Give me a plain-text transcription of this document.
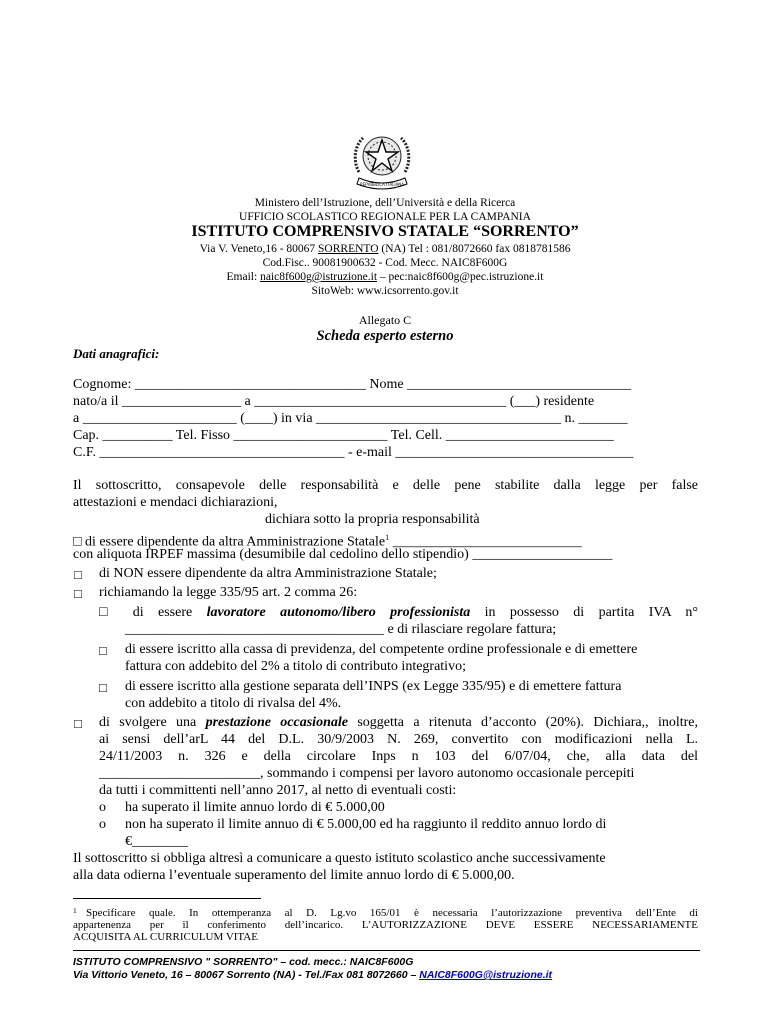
REPVBBLICA ITALIANA
Ministero dell’Istruzione, dell’Università e della Ricerca
UFFICIO SCOLASTICO REGIONALE PER LA CAMPANIA
ISTITUTO COMPRENSIVO STATALE “SORRENTO”
Via V. Veneto,16 - 80067 SORRENTO (NA) Tel : 081/8072660 fax 0818781586
Cod.Fisc.. 90081900632 - Cod. Mecc. NAIC8F600G
Email: naic8f600g@istruzione.it – pec:naic8f600g@pec.istruzione.it
SitoWeb: www.icsorrento.gov.it
Allegato C
Scheda esperto esterno
Dati anagrafici:
Cognome: _________________________________ Nome ________________________________
nato/a il _________________ a ____________________________________ (___) residente
a ______________________ (____) in via ___________________________________ n. _______
Cap. __________ Tel. Fisso ______________________ Tel. Cell. ________________________
C.F. ___________________________________ - e-mail __________________________________
Il sottoscritto, consapevole delle responsabilità e delle pene stabilite dalla legge per false
attestazioni e mendaci dichiarazioni,
dichiara sotto la propria responsabilità
□ di essere dipendente da altra Amministrazione Statale$^1$ ___________________________
con aliquota IRPEF massima (desumibile dal cedolino dello stipendio) ____________________
□ di NON essere dipendente da altra Amministrazione Statale;
□ richiamando la legge 335/95 art. 2 comma 26:
□ di essere lavoratore autonomo/libero professionista in possesso di partita IVA n°
_____________________________________ e di rilasciare regolare fattura;
□ di essere iscritto alla cassa di previdenza, del competente ordine professionale e di emettere
fattura con addebito del 2% a titolo di contributo integrativo;
□ di essere iscritto alla gestione separata dell’INPS (ex Legge 335/95) e di emettere fattura
con addebito a titolo di rivalsa del 4%.
□ di svolgere una prestazione occasionale soggetta a ritenuta d’acconto (20%). Dichiara,, inoltre,
ai sensi dell’arL 44 del D.L. 30/9/2003 N. 269, convertito con modificazioni nella L.
24/11/2003 n. 326 e della circolare Inps n 103 del 6/07/04, che, alla data del
_______________________, sommando i compensi per lavoro autonomo occasionale percepiti
da tutti i committenti nell’anno 2017, al netto di eventuali costi:
o ha superato il limite annuo lordo di € 5.000,00
o non ha superato il limite annuo di € 5.000,00 ed ha raggiunto il reddito annuo lordo di
€________
Il sottoscritto si obbliga altresì a comunicare a questo istituto scolastico anche successivamente
alla data odierna l’eventuale superamento del limite annuo lordo di € 5.000,00.
1 Specificare quale. In ottemperanza al D. Lg.vo 165/01 è necessaria l’autorizzazione preventiva dell’Ente di
appartenenza per il conferimento dell’incarico. L’AUTORIZZAZIONE DEVE ESSERE NECESSARIAMENTE
ACQUISITA AL CURRICULUM VITAE
ISTITUTO COMPRENSIVO " SORRENTO" – cod. mecc.: NAIC8F600G
Via Vittorio Veneto, 16 – 80067 Sorrento (NA) - Tel./Fax 081 8072660 – NAIC8F600G@istruzione.it
